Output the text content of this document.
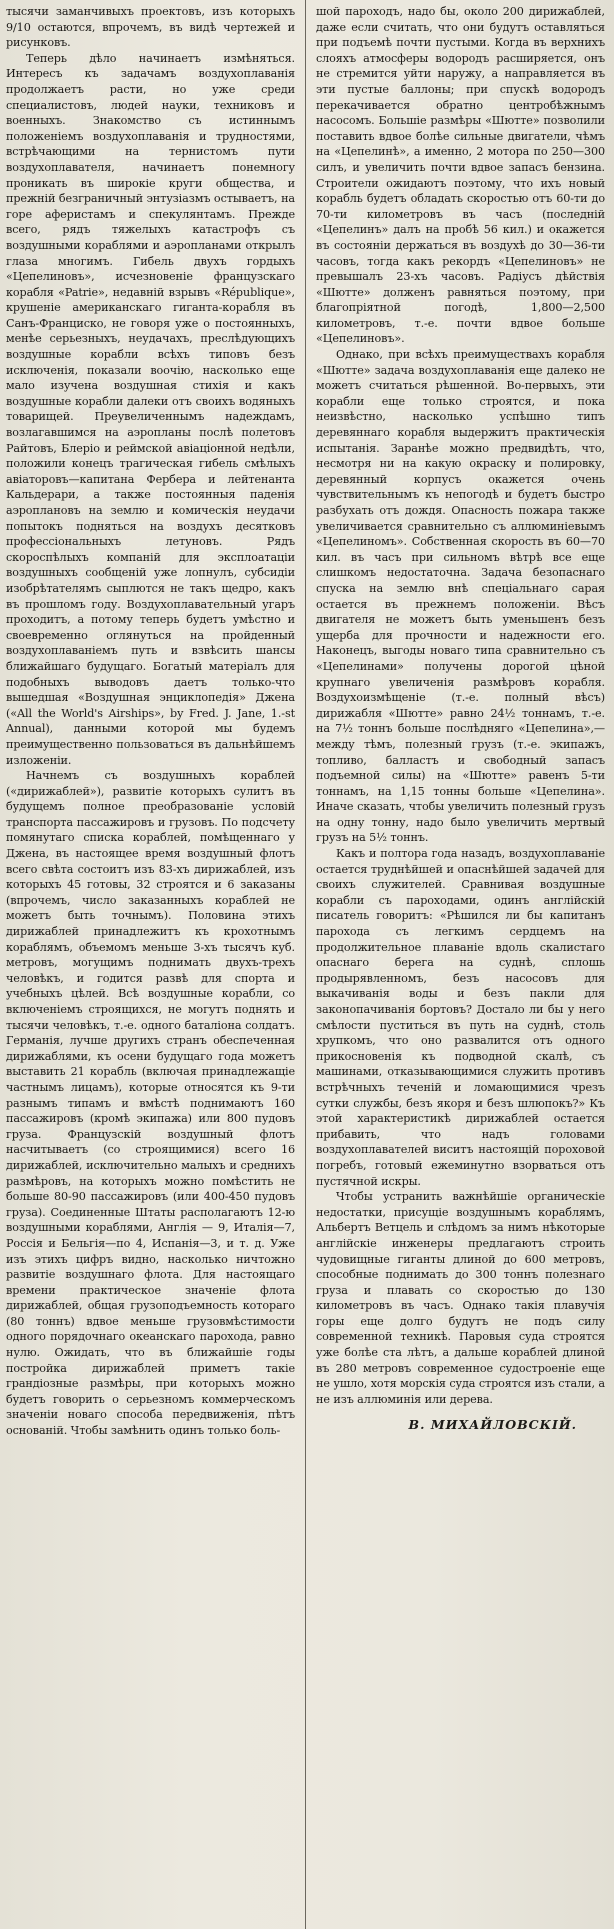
тысячи заманчивыхъ проектовъ, изъ которыхъ 9/10 остаются, впрочемъ, въ видѣ чертежей и рисунковъ.

Теперь дѣло начинаетъ измѣняться. Интересъ къ задачамъ воздухоплаванія продолжаетъ расти, но уже среди специалистовъ, людей науки, техниковъ и военныхъ. Знакомство съ истиннымъ положеніемъ воздухоплаванія и трудностями, встрѣчающими на тернистомъ пути воздухоплавателя, начинаетъ понемногу проникать въ широкіе круги общества, и прежній безграничный энтузіазмъ остываетъ, на горе аферистамъ и спекулянтамъ. Прежде всего, рядъ тяжелыхъ катастрофъ съ воздушными кораблями и аэропланами открылъ глаза многимъ. Гибель двухъ гордыхъ «Цепелиновъ», исчезновеніе французскаго корабля «Patrie», недавній взрывъ «République», крушеніе американскаго гиганта-корабля въ Санъ-Франциско, не говоря уже о постоянныхъ, менѣе серьезныхъ, неудачахъ, преслѣдующихъ воздушные корабли всѣхъ типовъ безъ исключенія, показали воочію, насколько еще мало изучена воздушная стихія и какъ воздушные корабли далеки отъ своихъ водяныхъ товарищей. Преувеличеннымъ надеждамъ, возлагавшимся на аэропланы послѣ полетовъ Райтовъ, Блеріо и реймской авіаціонной недѣли, положили конецъ трагическая гибель смѣлыхъ авіаторовъ—капитана Фербера и лейтенанта Кальдерари, а также постоянныя паденія аэроплановъ на землю и комическія неудачи попытокъ подняться на воздухъ десятковъ профессіональныхъ летуновъ. Рядъ скоросп͏ѣлыхъ компаній для эксплоатаціи воздушныхъ сообщеній уже лопнулъ, субсидіи изобрѣтателямъ сыплются не такъ щедро, какъ въ прошломъ году. Воздухоплавательный угаръ проходитъ, а потому теперь будетъ умѣстно и своевременно оглянуться на пройденный воздухоплаваніемъ путь и взвѣсить шансы ближайшаго будущаго. Богатый матеріалъ для подобныхъ выводовъ даетъ только-что вышедшая «Воздушная энциклопедія» Джена («All the World's Airships», by Fred. J. Jane, 1.-st Annual), данными которой мы будемъ преимущественно пользоваться въ дальнѣйшемъ изложеніи.

Начнемъ съ воздушныхъ кораблей («дирижаблей»), развитіе которыхъ сулитъ въ будущемъ полное преобразованіе условій транспорта пассажировъ и грузовъ. По подсчету помянутаго списка кораблей, помѣщеннаго у Джена, въ настоящее время воздушный флотъ всего свѣта состоитъ изъ 83-хъ дирижаблей, изъ которыхъ 45 готовы, 32 строятся и 6 заказаны (впрочемъ, число заказанныхъ кораблей не можетъ быть точнымъ). Половина этихъ дирижаблей принадлежитъ къ крохотнымъ кораблямъ, объемомъ меньше 3-хъ тысячъ куб. метровъ, могущимъ поднимать двухъ-трехъ человѣкъ, и годится развѣ для спорта и учебныхъ цѣлей. Всѣ воздушные корабли, со включеніемъ строящихся, не могутъ поднять и тысячи человѣкъ, т.-е. одного баталіона солдатъ. Германія, лучше другихъ странъ обеспеченная дирижаблями, къ осени будущаго года можетъ выставить 21 корабль (включая принадлежащіе частнымъ лицамъ), которые относятся къ 9-ти разнымъ типамъ и вмѣстѣ поднимаютъ 160 пассажировъ (кромѣ экипажа) или 800 пудовъ груза. Французскій воздушный флотъ насчитываетъ (со строящимися) всего 16 дирижаблей, исключительно малыхъ и среднихъ размѣровъ, на которыхъ можно помѣстить не больше 80-90 пассажировъ (или 400-450 пудовъ груза). Соединенные Штаты располагаютъ 12-ю воздушными кораблями, Англія — 9, Италія—7, Россія и Бельгія—по 4, Испанія—3, и т. д. Уже изъ этихъ цифръ видно, насколько ничтожно развитіе воздушнаго флота. Для настоящаго времени практическое значеніе флота дирижаблей, общая грузоподъемность котораго (80 тоннъ) вдвое меньше грузовмѣстимости одного порядочнаго океанскаго парохода, равно нулю. Ожидать, что въ ближайшіе годы постройка дирижаблей приметъ такіе грандіозные размѣры, при которыхъ можно будетъ говорить о серьезномъ коммерческомъ значеніи новаго способа передвиженія, пѣтъ основаній. Чтобы замѣнить одинъ только боль-

шой пароходъ, надо бы, около 200 дирижаблей, даже если считать, что они будутъ оставляться при подъемѣ почти пустыми. Когда въ верхнихъ слояхъ атмосферы водородъ расширяется, онъ не стремится уйти наружу, а направляется въ эти пустые баллоны; при спускѣ водородъ перекачивается обратно центробѣжнымъ насосомъ. Большіе размѣры «Шютте» позволили поставить вдвое болѣе сильные двигатели, чѣмъ на «Цепелинѣ», а именно, 2 мотора по 250—300 силъ, и увеличить почти вдвое запасъ бензина. Строители ожидаютъ поэтому, что ихъ новый корабль будетъ обладать скоростью отъ 60-ти до 70-ти километровъ въ часъ (последній «Цепелинъ» далъ на пробѣ 56 кил.) и окажется въ состояніи держаться въ воздухѣ до 30—36-ти часовъ, тогда какъ рекордъ «Цепелиновъ» не превышалъ 23-хъ часовъ. Радіусъ дѣйствія «Шютте» долженъ равняться поэтому, при благопріятной погодѣ, 1,800—2,500 километровъ, т.-е. почти вдвое больше «Цепелиновъ».

Однако, при всѣхъ преимуществахъ корабля «Шютте» задача воздухоплаванія еще далеко не можетъ считаться рѣшенной. Во-первыхъ, эти корабли еще только строятся, и пока неизвѣстно, насколько успѣшно типъ деревяннаго корабля выдержитъ практическія испытанія. Заранѣе можно предвидѣть, что, несмотря ни на какую окраску и полировку, деревянный корпусъ окажется очень чувствительнымъ къ непогодѣ и будетъ быстро разбухать отъ дождя. Опасность пожара также увеличивается сравнительно съ аллюминіевымъ «Цепелиномъ». Собственная скорость въ 60—70 кил. въ часъ при сильномъ вѣтрѣ все еще слишкомъ недостаточна. Задача безопаснаго спуска на землю внѣ спеціальнаго сарая остается въ прежнемъ положеніи. Вѣсъ двигателя не можетъ быть уменьшенъ безъ ущерба для прочности и надежности его. Наконецъ, выгоды новаго типа сравнительно съ «Цепелинами» получены дорогой цѣной крупнаго увеличенія размѣровъ корабля. Воздухоизмѣщеніе (т.-е. полный вѣсъ) дирижабля «Шютте» равно 24½ тоннамъ, т.-е. на 7½ тоннъ больше послѣдняго «Цепелина»,—между тѣмъ, полезный грузъ (т.-е. экипажъ, топливо, балластъ и свободный запасъ подъемной силы) на «Шютте» равенъ 5-ти тоннамъ, на 1,15 тонны больше «Цепелина». Иначе сказать, чтобы увеличить полезный грузъ на одну тонну, надо было увеличить мертвый грузъ на 5½ тоннъ.

Какъ и полтора года назадъ, воздухоплаваніе остается труднѣйшей и опаснѣйшей задачей для своихъ служителей. Сравнивая воздушные корабли съ пароходами, одинъ англійскій писатель говоритъ: «Рѣшился ли бы капитанъ парохода съ легкимъ сердцемъ на продолжительное плаваніе вдоль скалистаго опаснаго берега на суднѣ, сплошь продырявленномъ, безъ насосовъ для выкачиванія воды и безъ пакли для законопачиванія бортовъ? Достало ли бы у него смѣлости пуститься въ путь на суднѣ, столь хрупкомъ, что оно развалится отъ одного прикосновенія къ подводной скалѣ, съ машинами, отказывающимися служить противъ встрѣчныхъ теченій и ломающимися чрезъ сутки службы, безъ якоря и безъ шлюпокъ?» Къ этой характеристикѣ дирижаблей остается прибавить, что надъ головами воздухоплавателей виситъ настоящій пороховой погребъ, готовый ежеминутно взорваться отъ пустячной искры.

Чтобы устранить важнѣйшіе органическіе недостатки, присущіе воздушнымъ кораблямъ, Альбертъ Ветцель и слѣдомъ за нимъ нѣкоторые англійскіе инженеры предлагаютъ строить чудовищные гиганты длиной до 600 метровъ, способные поднимать до 300 тоннъ полезнаго груза и плавать со скоростью до 130 километровъ въ часъ. Однако такія плавучія горы еще долго будутъ не подъ силу современной техникѣ. Паровыя суда строятся уже болѣе ста лѣтъ, а дальше кораблей длиной въ 280 метровъ современное судостроеніе еще не ушло, хотя морскія суда строятся изъ стали, а не изъ аллюминія или дерева.

В. МИХАЙЛОВСКІЙ.
